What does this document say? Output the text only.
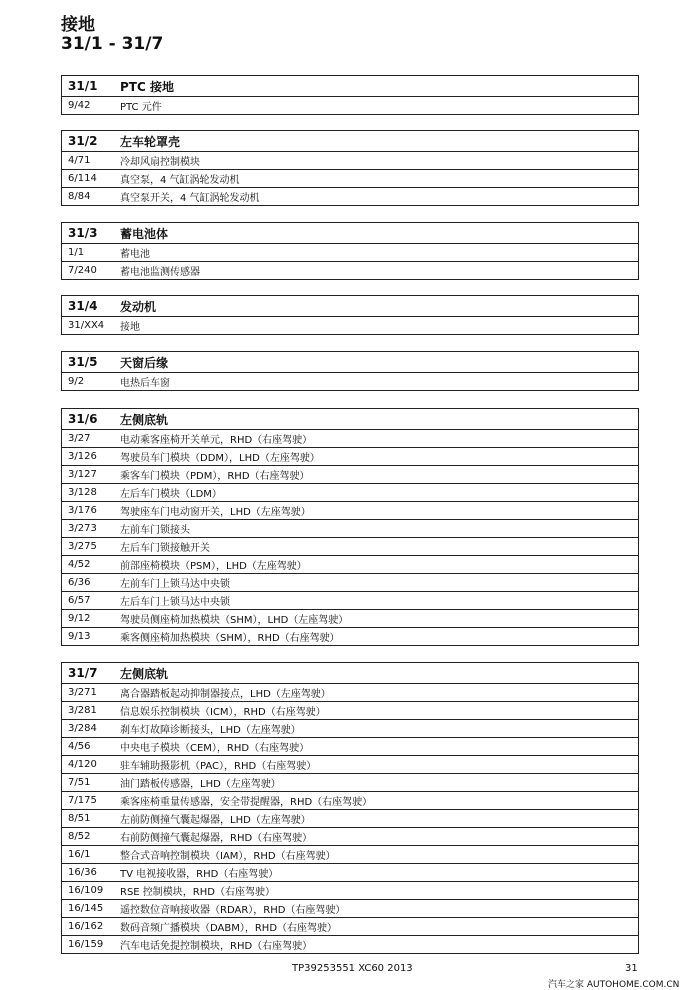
接地
31/1 - 31/7
31/1	PTC 接地
9/42	PTC 元件
31/2	左车轮罩壳
4/71	冷却风扇控制模块
6/114	真空泵，4 气缸涡轮发动机
8/84	真空泵开关，4 气缸涡轮发动机
31/3	蓄电池体
1/1	蓄电池
7/240	蓄电池监测传感器
31/4	发动机
31/XX4	接地
31/5	天窗后缘
9/2	电热后车窗
31/6	左侧底轨
3/27	电动乘客座椅开关单元，RHD（右座驾驶）
3/126	驾驶员车门模块（DDM），LHD（左座驾驶）
3/127	乘客车门模块（PDM），RHD（右座驾驶）
3/128	左后车门模块（LDM）
3/176	驾驶座车门电动窗开关，LHD（左座驾驶）
3/273	左前车门锁接头
3/275	左后车门锁接触开关
4/52	前部座椅模块（PSM），LHD（左座驾驶）
6/36	左前车门上锁马达中央锁
6/57	左后车门上锁马达中央锁
9/12	驾驶员侧座椅加热模块（SHM），LHD（左座驾驶）
9/13	乘客侧座椅加热模块（SHM），RHD（右座驾驶）
31/7	左侧底轨
3/271	离合器踏板起动抑制器接点，LHD（左座驾驶）
3/281	信息娱乐控制模块（ICM），RHD（右座驾驶）
3/284	刹车灯故障诊断接头，LHD（左座驾驶）
4/56	中央电子模块（CEM），RHD（右座驾驶）
4/120	驻车辅助摄影机（PAC），RHD（右座驾驶）
7/51	油门踏板传感器，LHD（左座驾驶）
7/175	乘客座椅重量传感器，安全带提醒器，RHD（右座驾驶）
8/51	左前防侧撞气囊起爆器，LHD（左座驾驶）
8/52	右前防侧撞气囊起爆器，RHD（右座驾驶）
16/1	整合式音响控制模块（IAM），RHD（右座驾驶）
16/36	TV 电视接收器，RHD（右座驾驶）
16/109	RSE 控制模块，RHD（右座驾驶）
16/145	遥控数位音响接收器（RDAR），RHD（右座驾驶）
16/162	数码音频广播模块（DABM），RHD（右座驾驶）
16/159	汽车电话免提控制模块，RHD（右座驾驶）
TP39253551 XC60 2013	31
汽车之家 AUTOHOME.COM.CN
